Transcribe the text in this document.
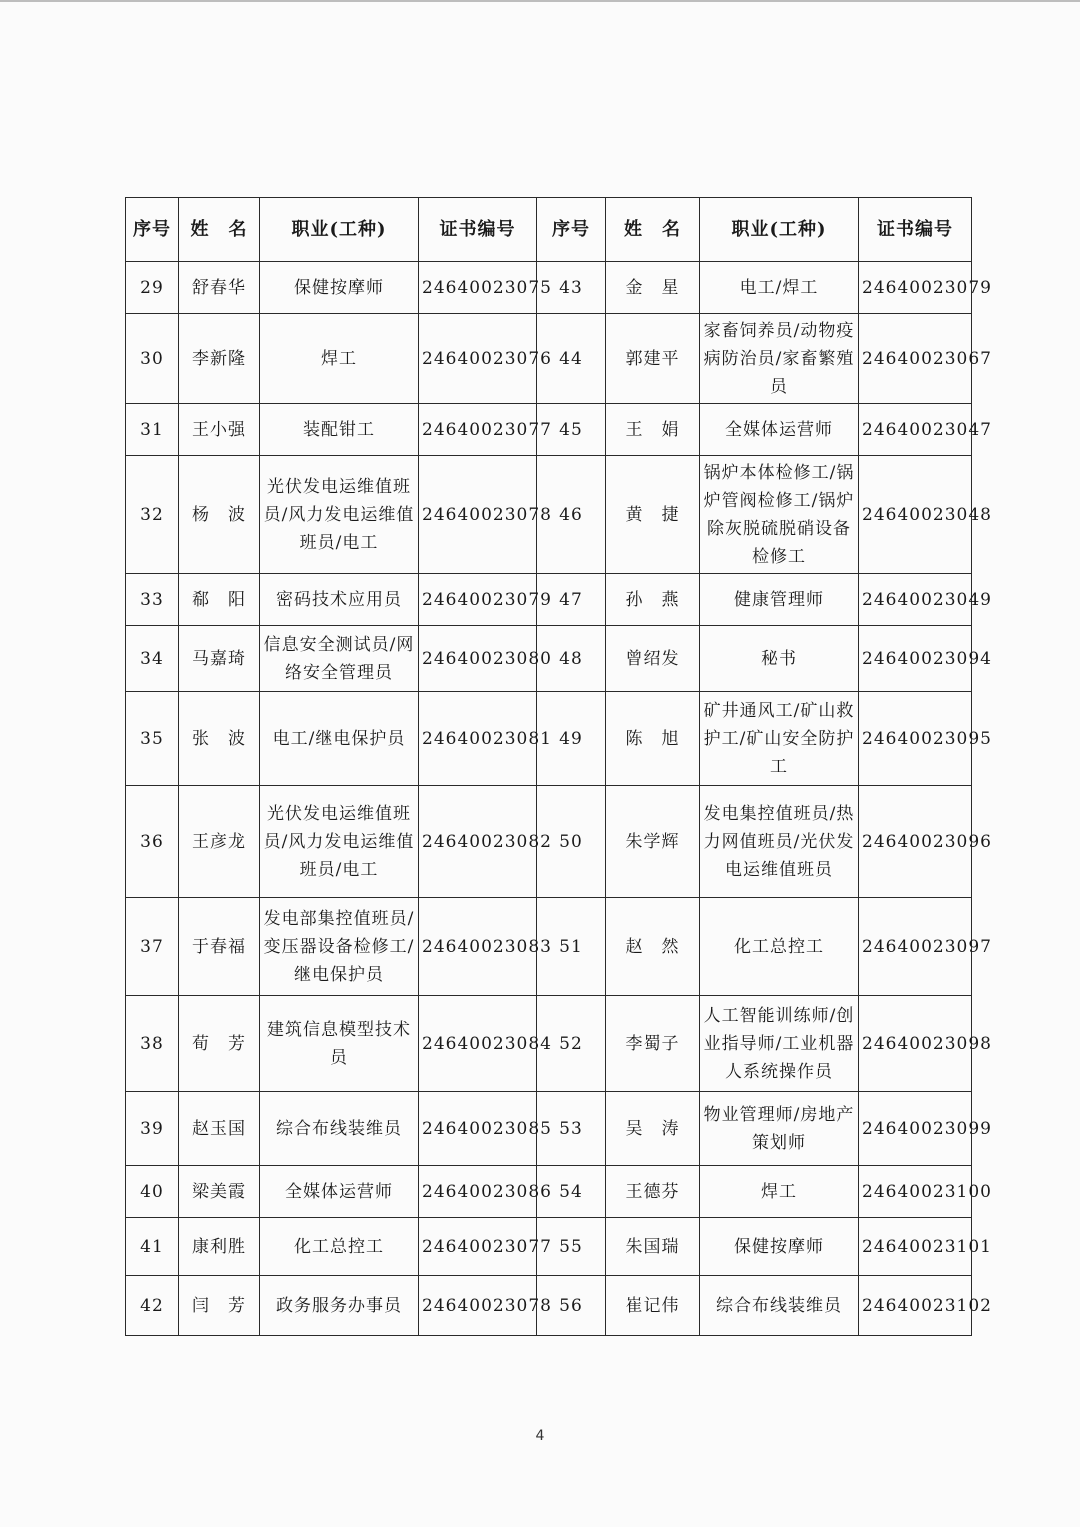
序号	姓　名	职业(工种)	证书编号	序号	姓　名	职业(工种)	证书编号
29	舒春华	保健按摩师	24640023075	43	金　星	电工/焊工	24640023079
30	李新隆	焊工	24640023076	44	郭建平	家畜饲养员/动物疫病防治员/家畜繁殖员	24640023067
31	王小强	装配钳工	24640023077	45	王　娟	全媒体运营师	24640023047
32	杨　波	光伏发电运维值班员/风力发电运维值班员/电工	24640023078	46	黄　捷	锅炉本体检修工/锅炉管阀检修工/锅炉除灰脱硫脱硝设备检修工	24640023048
33	郗　阳	密码技术应用员	24640023079	47	孙　燕	健康管理师	24640023049
34	马嘉琦	信息安全测试员/网络安全管理员	24640023080	48	曾绍发	秘书	24640023094
35	张　波	电工/继电保护员	24640023081	49	陈　旭	矿井通风工/矿山救护工/矿山安全防护工	24640023095
36	王彦龙	光伏发电运维值班员/风力发电运维值班员/电工	24640023082	50	朱学辉	发电集控值班员/热力网值班员/光伏发电运维值班员	24640023096
37	于春福	发电部集控值班员/变压器设备检修工/继电保护员	24640023083	51	赵　然	化工总控工	24640023097
38	荀　芳	建筑信息模型技术员	24640023084	52	李蜀子	人工智能训练师/创业指导师/工业机器人系统操作员	24640023098
39	赵玉国	综合布线装维员	24640023085	53	吴　涛	物业管理师/房地产策划师	24640023099
40	梁美霞	全媒体运营师	24640023086	54	王德芬	焊工	24640023100
41	康利胜	化工总控工	24640023077	55	朱国瑞	保健按摩师	24640023101
42	闫　芳	政务服务办事员	24640023078	56	崔记伟	综合布线装维员	24640023102
4
